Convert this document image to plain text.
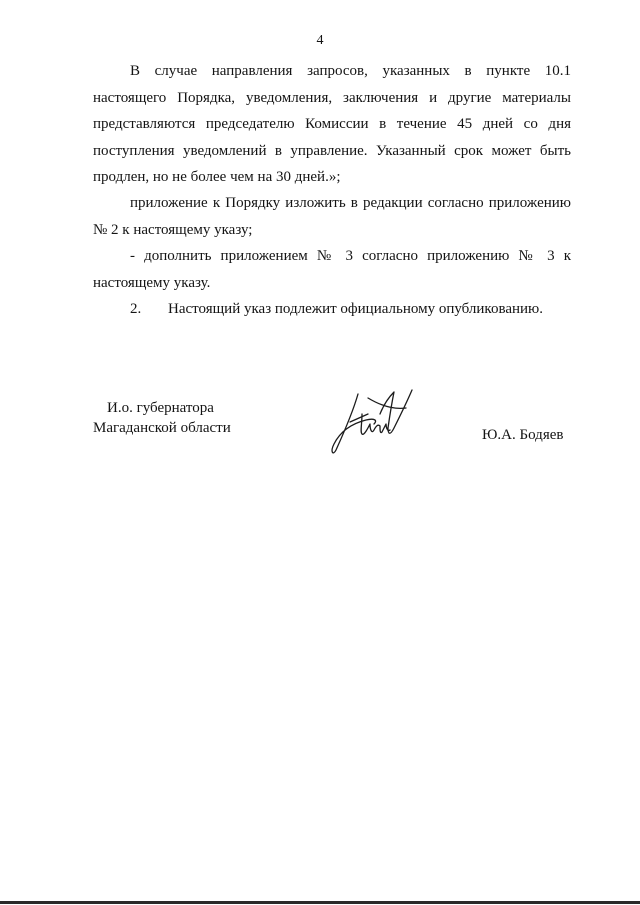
4

В случае направления запросов, указанных в пункте 10.1 настоящего Порядка, уведомления, заключения и другие материалы представляются председателю Комиссии в течение 45 дней со дня поступления уведомлений в управление. Указанный срок может быть продлен, но не более чем на 30 дней.»;

приложение к Порядку изложить в редакции согласно приложению № 2 к настоящему указу;

- дополнить приложением № 3 согласно приложению № 3 к настоящему указу.

2. Настоящий указ подлежит официальному опубликованию.

И.о. губернатора
Магаданской области	Ю.А. Бодяев
